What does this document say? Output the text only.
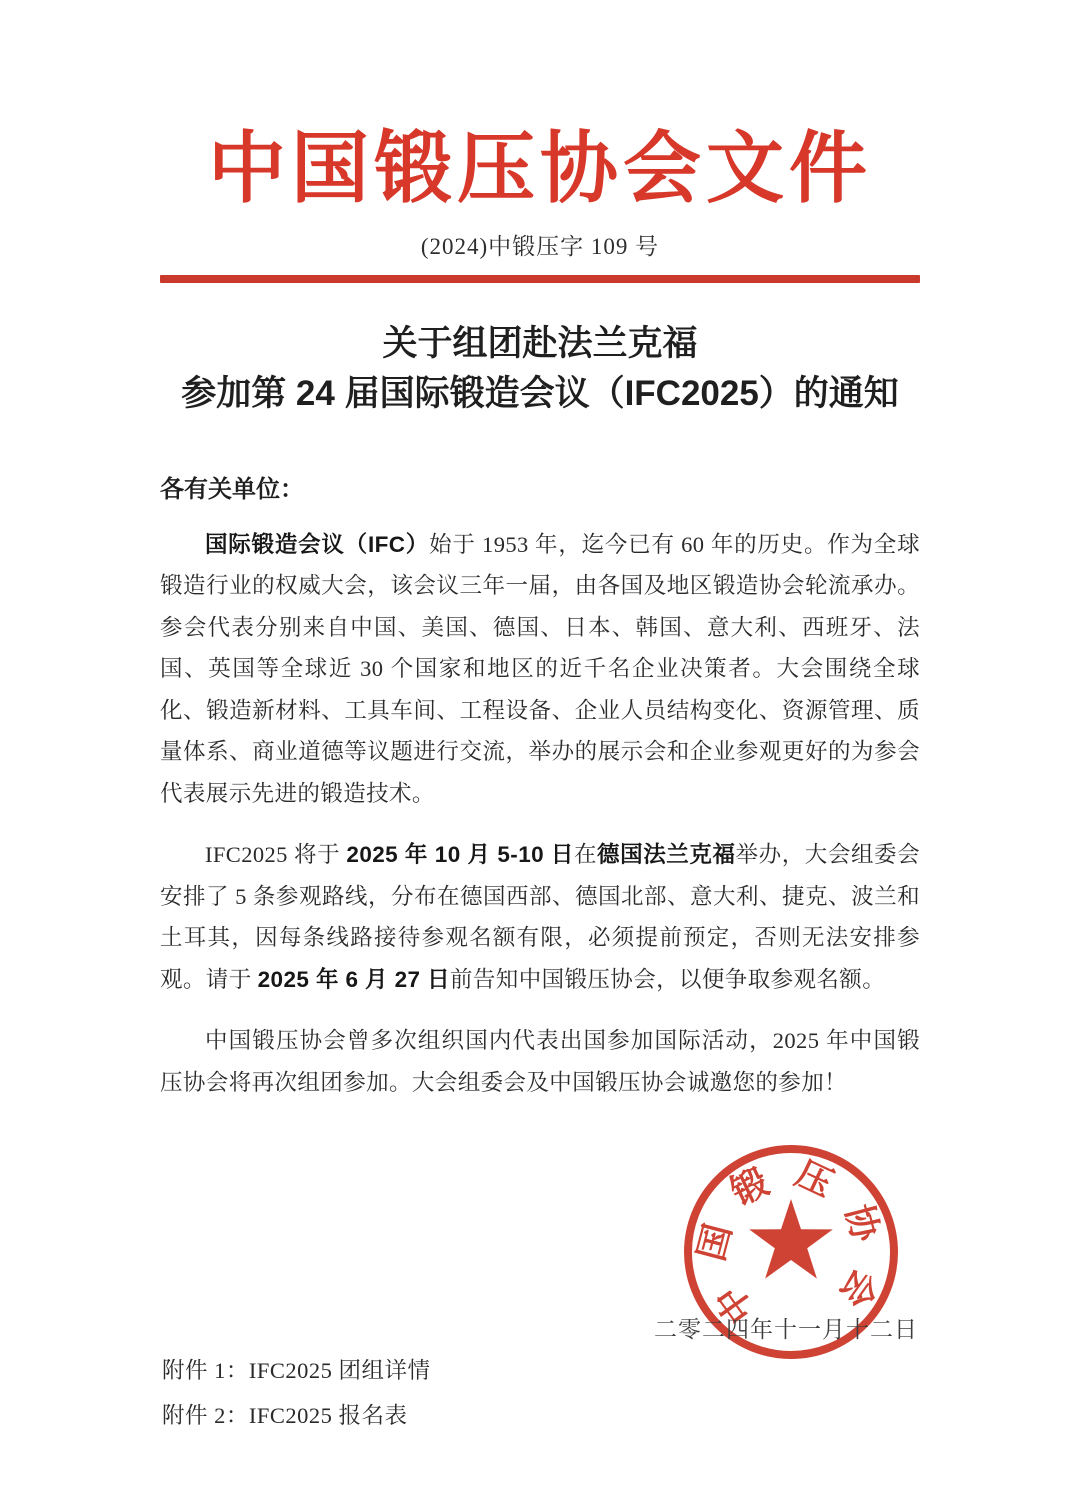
中国锻压协会文件
(2024)中锻压字 109 号
关于组团赴法兰克福
参加第 24 届国际锻造会议（IFC2025）的通知

各有关单位：

国际锻造会议（IFC）始于 1953 年，迄今已有 60 年的历史。作为全球锻造行业的权威大会，该会议三年一届，由各国及地区锻造协会轮流承办。参会代表分别来自中国、美国、德国、日本、韩国、意大利、西班牙、法国、英国等全球近 30 个国家和地区的近千名企业决策者。大会围绕全球化、锻造新材料、工具车间、工程设备、企业人员结构变化、资源管理、质量体系、商业道德等议题进行交流，举办的展示会和企业参观更好的为参会代表展示先进的锻造技术。

IFC2025 将于 2025 年 10 月 5-10 日在德国法兰克福举办，大会组委会安排了 5 条参观路线，分布在德国西部、德国北部、意大利、捷克、波兰和土耳其，因每条线路接待参观名额有限，必须提前预定，否则无法安排参观。请于 2025 年 6 月 27 日前告知中国锻压协会，以便争取参观名额。

中国锻压协会曾多次组织国内代表出国参加国际活动，2025 年中国锻压协会将再次组团参加。大会组委会及中国锻压协会诚邀您的参加！

中国锻压协会
二零二四年十一月十二日
附件 1：IFC2025 团组详情
附件 2：IFC2025 报名表
